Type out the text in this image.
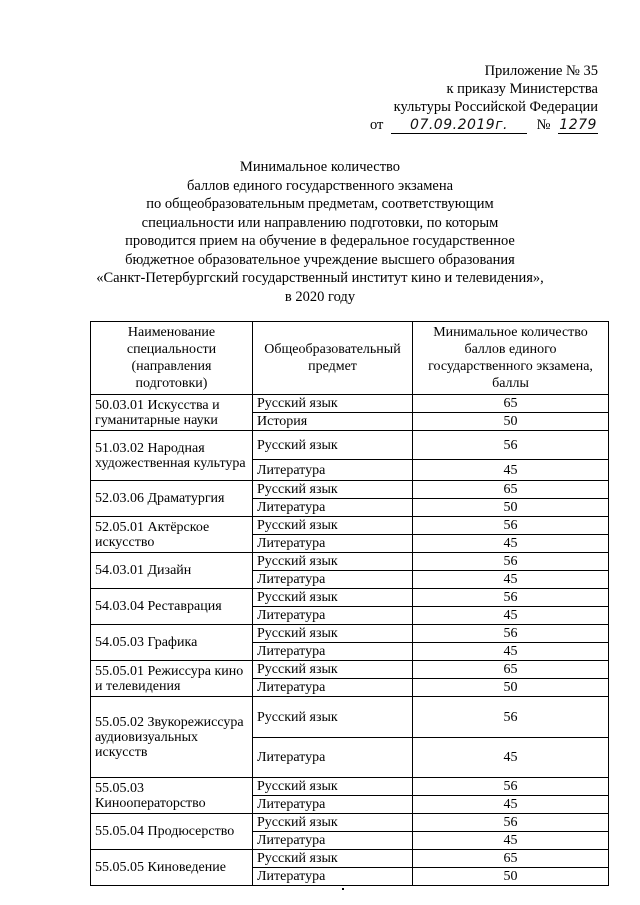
Приложение № 35
к приказу Министерства
культуры Российской Федерации
от 07.09.2019г. № 1279
Минимальное количество
баллов единого государственного экзамена
по общеобразовательным предметам, соответствующим
специальности или направлению подготовки, по которым
проводится прием на обучение в федеральное государственное
бюджетное образовательное учреждение высшего образования
«Санкт-Петербургский государственный институт кино и телевидения»,
в 2020 году
Наименование специальности (направления подготовки)	Общеобразовательный предмет	Минимальное количество баллов единого государственного экзамена, баллы
50.03.01 Искусства и гуманитарные науки	Русский язык	65
	История	50
51.03.02 Народная художественная культура	Русский язык	56
	Литература	45
52.03.06 Драматургия	Русский язык	65
	Литература	50
52.05.01 Актёрское искусство	Русский язык	56
	Литература	45
54.03.01 Дизайн	Русский язык	56
	Литература	45
54.03.04 Реставрация	Русский язык	56
	Литература	45
54.05.03 Графика	Русский язык	56
	Литература	45
55.05.01 Режиссура кино и телевидения	Русский язык	65
	Литература	50
55.05.02 Звукорежиссура аудиовизуальных искусств	Русский язык	56
	Литература	45
55.05.03 Кинооператорство	Русский язык	56
	Литература	45
55.05.04 Продюсерство	Русский язык	56
	Литература	45
55.05.05 Киноведение	Русский язык	65
	Литература	50
